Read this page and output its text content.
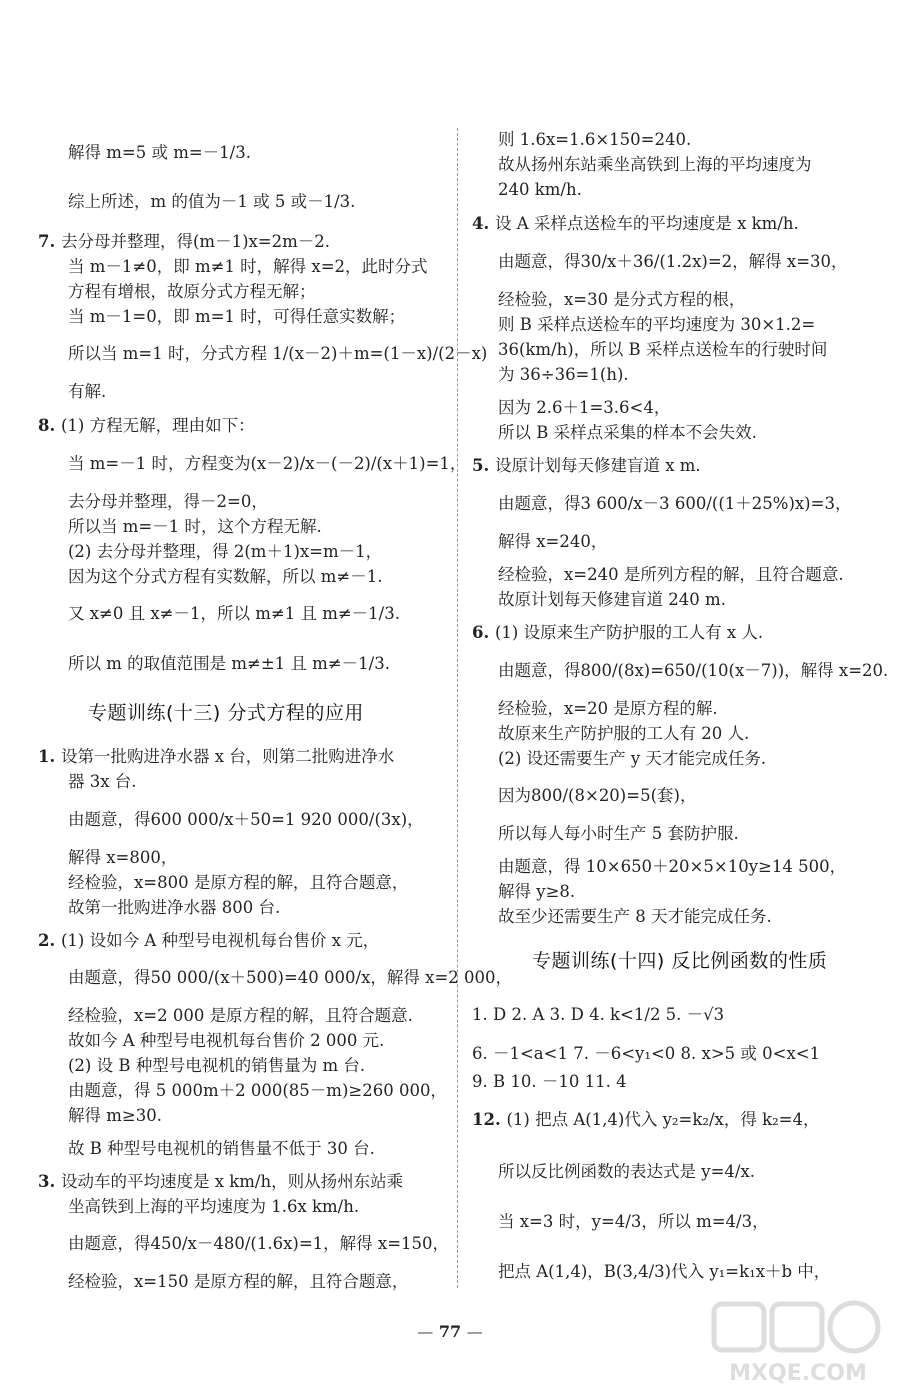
解得 m=5 或 m=－1/3.
综上所述，m 的值为－1 或 5 或－1/3.
7. 去分母并整理，得(m－1)x=2m－2.
当 m－1≠0，即 m≠1 时，解得 x=2，此时分式
方程有增根，故原分式方程无解；
当 m－1=0，即 m=1 时，可得任意实数解；
所以当 m=1 时，分式方程 1/(x－2)＋m=(1－x)/(2－x)
有解.
8. (1) 方程无解，理由如下：
当 m=－1 时，方程变为(x－2)/x－(－2)/(x＋1)=1，
去分母并整理，得－2=0，
所以当 m=－1 时，这个方程无解.
(2) 去分母并整理，得 2(m＋1)x=m－1，
因为这个分式方程有实数解，所以 m≠－1.
又 x≠0 且 x≠－1，所以 m≠1 且 m≠－1/3.
所以 m 的取值范围是 m≠±1 且 m≠－1/3.
1. 设第一批购进净水器 x 台，则第二批购进净水
器 3x 台.
由题意，得600 000/x＋50=1 920 000/(3x)，
解得 x=800，
经检验，x=800 是原方程的解，且符合题意，
故第一批购进净水器 800 台.
2. (1) 设如今 A 种型号电视机每台售价 x 元，
由题意，得50 000/(x＋500)=40 000/x，解得 x=2 000，
经检验，x=2 000 是原方程的解，且符合题意.
故如今 A 种型号电视机每台售价 2 000 元.
(2) 设 B 种型号电视机的销售量为 m 台.
由题意，得 5 000m＋2 000(85－m)≥260 000，
解得 m≥30.
故 B 种型号电视机的销售量不低于 30 台.
3. 设动车的平均速度是 x km/h，则从扬州东站乘
坐高铁到上海的平均速度为 1.6x km/h.
由题意，得450/x－480/(1.6x)=1，解得 x=150，
经检验，x=150 是原方程的解，且符合题意，
则 1.6x=1.6×150=240.
故从扬州东站乘坐高铁到上海的平均速度为
240 km/h.
4. 设 A 采样点送检车的平均速度是 x km/h.
由题意，得30/x＋36/(1.2x)=2，解得 x=30，
经检验，x=30 是分式方程的根，
则 B 采样点送检车的平均速度为 30×1.2=
36(km/h)，所以 B 采样点送检车的行驶时间
为 36÷36=1(h).
因为 2.6＋1=3.6<4，
所以 B 采样点采集的样本不会失效.
5. 设原计划每天修建盲道 x m.
由题意，得3 600/x－3 600/((1＋25%)x)=3，
解得 x=240，
经检验，x=240 是所列方程的解，且符合题意.
故原计划每天修建盲道 240 m.
6. (1) 设原来生产防护服的工人有 x 人.
由题意，得800/(8x)=650/(10(x－7))，解得 x=20.
经检验，x=20 是原方程的解.
故原来生产防护服的工人有 20 人.
(2) 设还需要生产 y 天才能完成任务.
因为800/(8×20)=5(套)，
所以每人每小时生产 5 套防护服.
由题意，得 10×650＋20×5×10y≥14 500，
解得 y≥8.
故至少还需要生产 8 天才能完成任务.
1. D 2. A 3. D 4. k<1/2 5. －√3
6. －1<a<1 7. －6<y₁<0 8. x>5 或 0<x<1
9. B 10. －10 11. 4
12. (1) 把点 A(1,4)代入 y₂=k₂/x，得 k₂=4，
所以反比例函数的表达式是 y=4/x.
当 x=3 时，y=4/3，所以 m=4/3，
把点 A(1,4)，B(3,4/3)代入 y₁=k₁x＋b 中，
专题训练(十三) 分式方程的应用
专题训练(十四) 反比例函数的性质
— 77 —
MXQE.COM
